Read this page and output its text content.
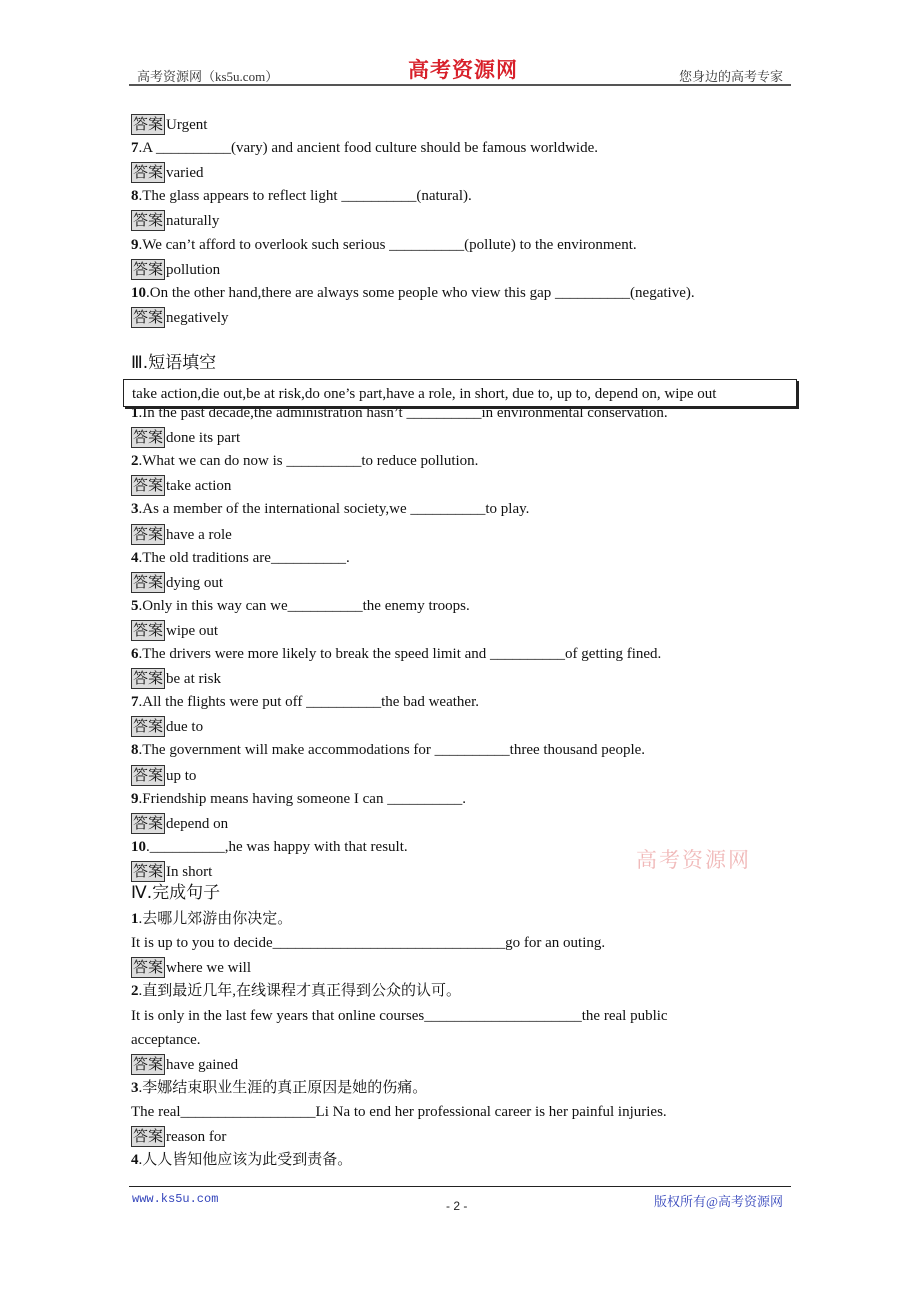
高考资源网（ks5u.com）	高考资源网	您身边的高考专家
答案 Urgent
7.A __________(vary) and ancient food culture should be famous worldwide.
答案 varied
8.The glass appears to reflect light __________(natural).
答案 naturally
9.We can’t afford to overlook such serious __________(pollute) to the environment.
答案 pollution
10.On the other hand,there are always some people who view this gap __________(negative).
答案 negatively
Ⅲ.短语填空
1.In the past decade,the administration hasn’t __________in environmental conservation.
答案 done its part
2.What we can do now is __________to reduce pollution.
答案 take action
3.As a member of the international society,we __________to play.
答案 have a role
4.The old traditions are__________.
答案 dying out
5.Only in this way can we__________the enemy troops.
答案 wipe out
6.The drivers were more likely to break the speed limit and __________of getting fined.
答案 be at risk
7.All the flights were put off __________the bad weather.
答案 due to
8.The government will make accommodations for __________three thousand people.
答案 up to
9.Friendship means having someone I can __________.
答案 depend on
10.__________,he was happy with that result.
答案 In short
Ⅳ.完成句子
1.去哪儿郊游由你决定。
It is up to you to decide_______________________________go for an outing.
答案 where we will
2.直到最近几年,在线课程才真正得到公众的认可。
It is only in the last few years that online courses_____________________the real public
acceptance.
答案 have gained
3.李娜结束职业生涯的真正原因是她的伤痛。
The real__________________Li Na to end her professional career is her painful injuries.
答案 reason for
4.人人皆知他应该为此受到责备。
take action,die out,be at risk,do one’s part,have a role, in short, due to, up to, depend on, wipe out
高考资源网
www.ks5u.com	- 2 -	版权所有@高考资源网
